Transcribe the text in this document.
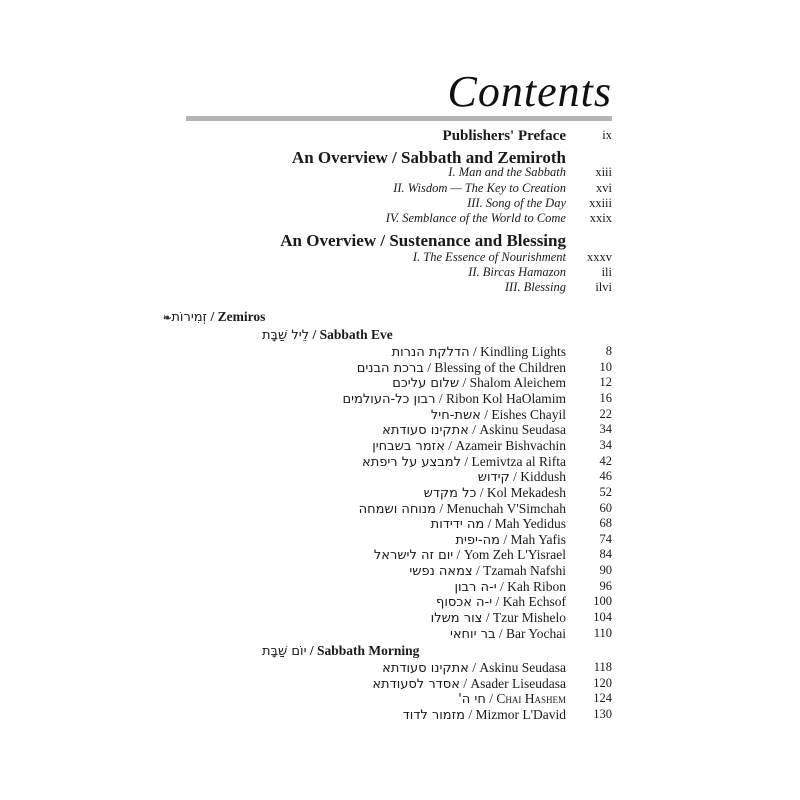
Contents
Publishers' Preface	ix
An Overview / Sabbath and Zemiroth
I. Man and the Sabbath xiii
II. Wisdom — The Key to Creation xvi
III. Song of the Day xxiii
IV. Semblance of the World to Come xxix
An Overview / Sustenance and Blessing
I. The Essence of Nourishment xxxv
II. Bircas Hamazon	ili
III. Blessing ilvi
❧זְמִירוֹת / Zemiros
לֵיל שַׁבָּת / Sabbath Eve
הדלקת הנרות / Kindling Lights	8
ברכת הבנים / Blessing of the Children	10
שלום עליכם / Shalom Aleichem	12
רבון כל-העולמים / Ribon Kol HaOlamim	16
אשת-חיל / Eishes Chayil	22
אתקינו סעודתא / Askinu Seudasa	34
אזמר בשבחין / Azameir Bishvachin	34
למבצע על ריפתא / Lemivtza al Rifta	42
קידוש / Kiddush	46
כל מקדש / Kol Mekadesh	52
מנוחה ושמחה / Menuchah V'Simchah	60
מה ידידות / Mah Yedidus	68
מה-יפית / Mah Yafis	74
יום זה לישראל / Yom Zeh L'Yisrael	84
צמאה נפשי / Tzamah Nafshi	90
י-ה רבון / Kah Ribon	96
י-ה אכסוף / Kah Echsof 100
צור משלו / Tzur Mishelo 104
בר יוחאי / Bar Yochai 110
יוֹם שַׁבָּת / Sabbath Morning
אתקינו סעודתא / Askinu Seudasa 118
אסדר לסעודתא / Asader Liseudasa 120
חי ה' / Chai Hashem 124
מזמור לדוד / Mizmor L'David 130
